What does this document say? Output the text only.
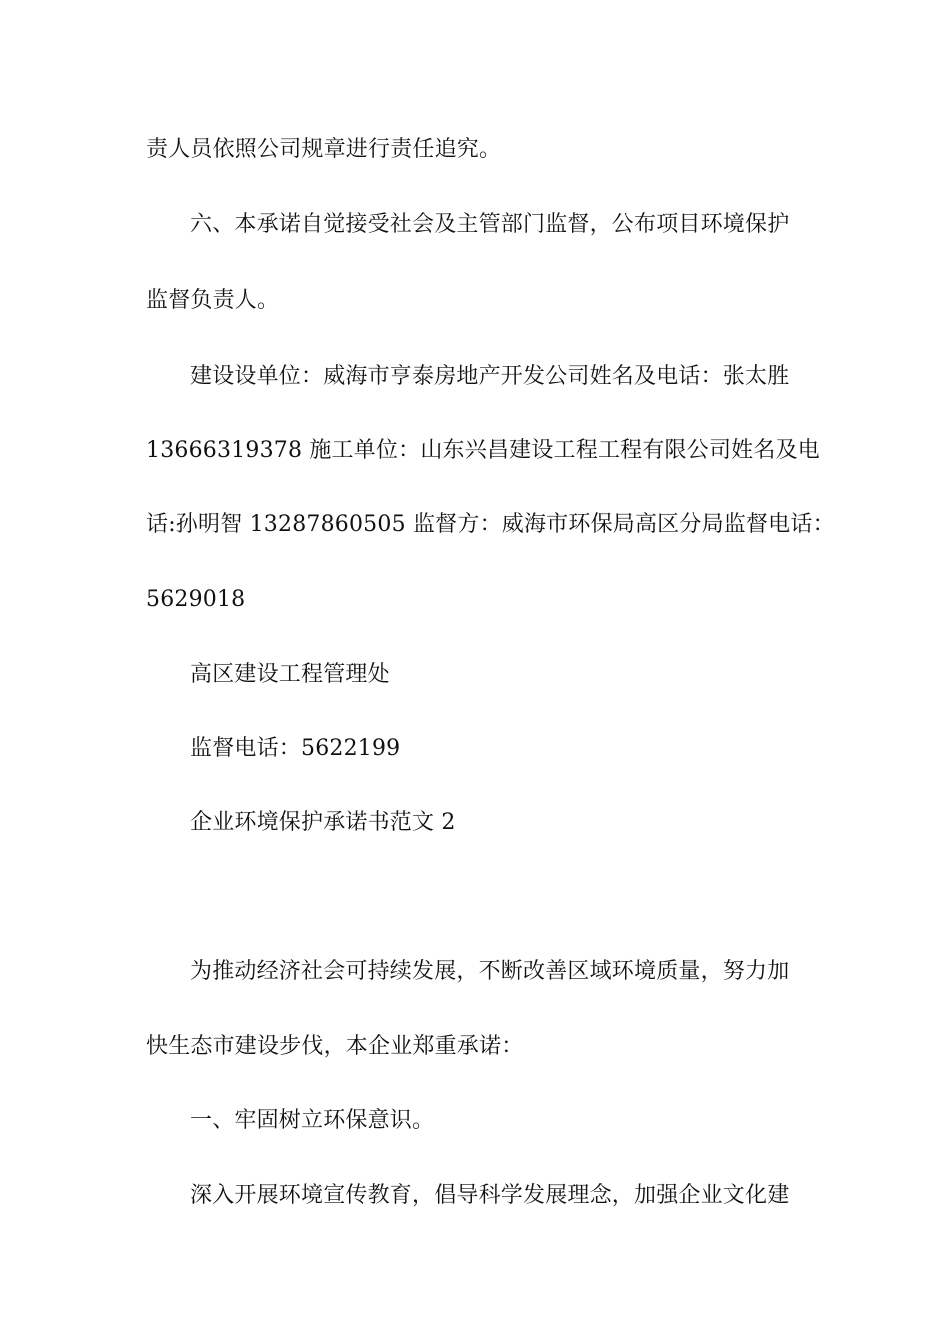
责人员依照公司规章进行责任追究。

六、本承诺自觉接受社会及主管部门监督，公布项目环境保护

监督负责人。

建设设单位：威海市亨泰房地产开发公司姓名及电话：张太胜

13666319378 施工单位：山东兴昌建设工程工程有限公司姓名及电

话:孙明智 13287860505 监督方：威海市环保局高区分局监督电话：

5629018

高区建设工程管理处

监督电话：5622199

企业环境保护承诺书范文 2

为推动经济社会可持续发展，不断改善区域环境质量，努力加

快生态市建设步伐，本企业郑重承诺：

一、牢固树立环保意识。

深入开展环境宣传教育，倡导科学发展理念，加强企业文化建
